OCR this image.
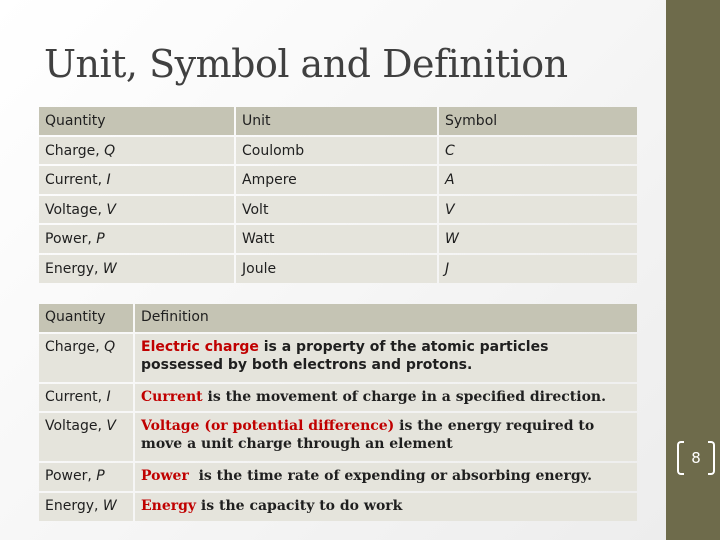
Unit, Symbol and Definition
Quantity	Unit	Symbol
Charge, Q	Coulomb	C
Current, I	Ampere	A
Voltage, V	Volt	V
Power, P	Watt	W
Energy, W	Joule	J
Quantity	Definition
Charge, Q	Electric charge is a property of the atomic particles possessed by both electrons and protons.
Current, I	Current is the movement of charge in a specified direction.
Voltage, V	Voltage (or potential difference) is the energy required to move a unit charge through an element
Power, P	Power  is the time rate of expending or absorbing energy.
Energy, W	Energy is the capacity to do work
8
